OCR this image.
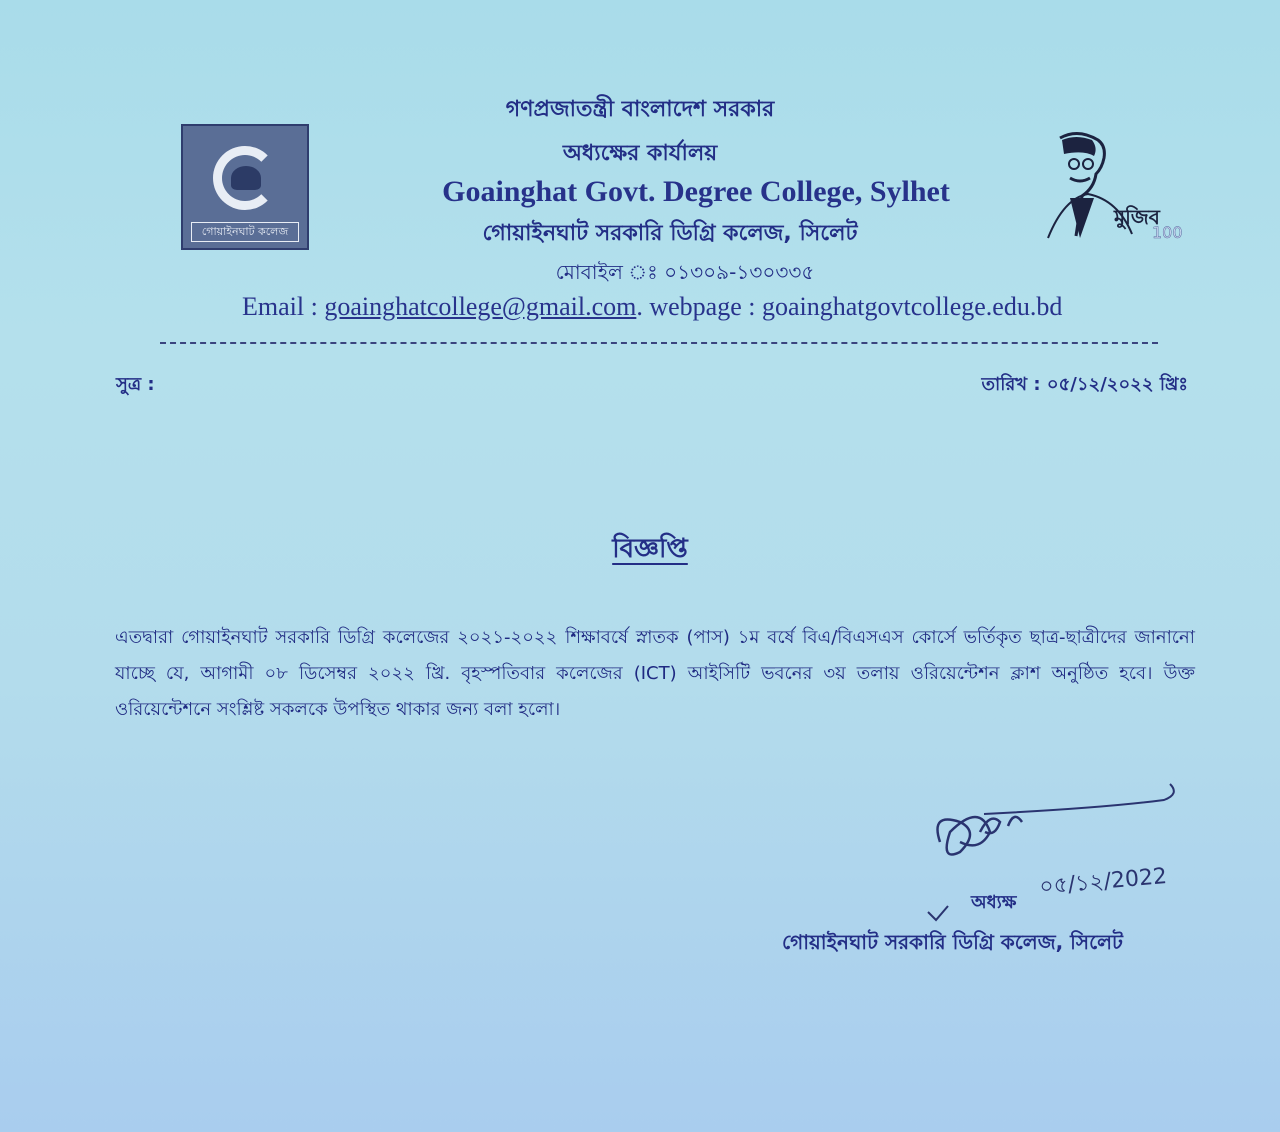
গোয়াইনঘাট কলেজ
মুজিব
100
গণপ্রজাতন্ত্রী বাংলাদেশ সরকার
অধ্যক্ষের কার্যালয়
Goainghat Govt. Degree College, Sylhet
গোয়াইনঘাট সরকারি ডিগ্রি কলেজ, সিলেট
মোবাইল ঃ ০১৩০৯-১৩০৩৩৫
Email : goainghatcollege@gmail.com. webpage : goainghatgovtcollege.edu.bd
সুত্র :	তারিখ : ০৫/১২/২০২২ খ্রিঃ
বিজ্ঞপ্তি
এতদ্বারা গোয়াইনঘাট সরকারি ডিগ্রি কলেজের ২০২১-২০২২ শিক্ষাবর্ষে স্নাতক (পাস) ১ম বর্ষে বিএ/বিএসএস কোর্সে ভর্তিকৃত ছাত্র-ছাত্রীদের জানানো যাচ্ছে যে, আগামী ০৮ ডিসেম্বর ২০২২ খ্রি. বৃহস্পতিবার কলেজের (ICT) আইসিটি ভবনের ৩য় তলায় ওরিয়েন্টেশন ক্লাশ অনুষ্ঠিত হবে। উক্ত ওরিয়েন্টেশনে সংশ্লিষ্ট সকলকে উপস্থিত থাকার জন্য বলা হলো।
০৫/১২/2022
অধ্যক্ষ
গোয়াইনঘাট সরকারি ডিগ্রি কলেজ, সিলেট
